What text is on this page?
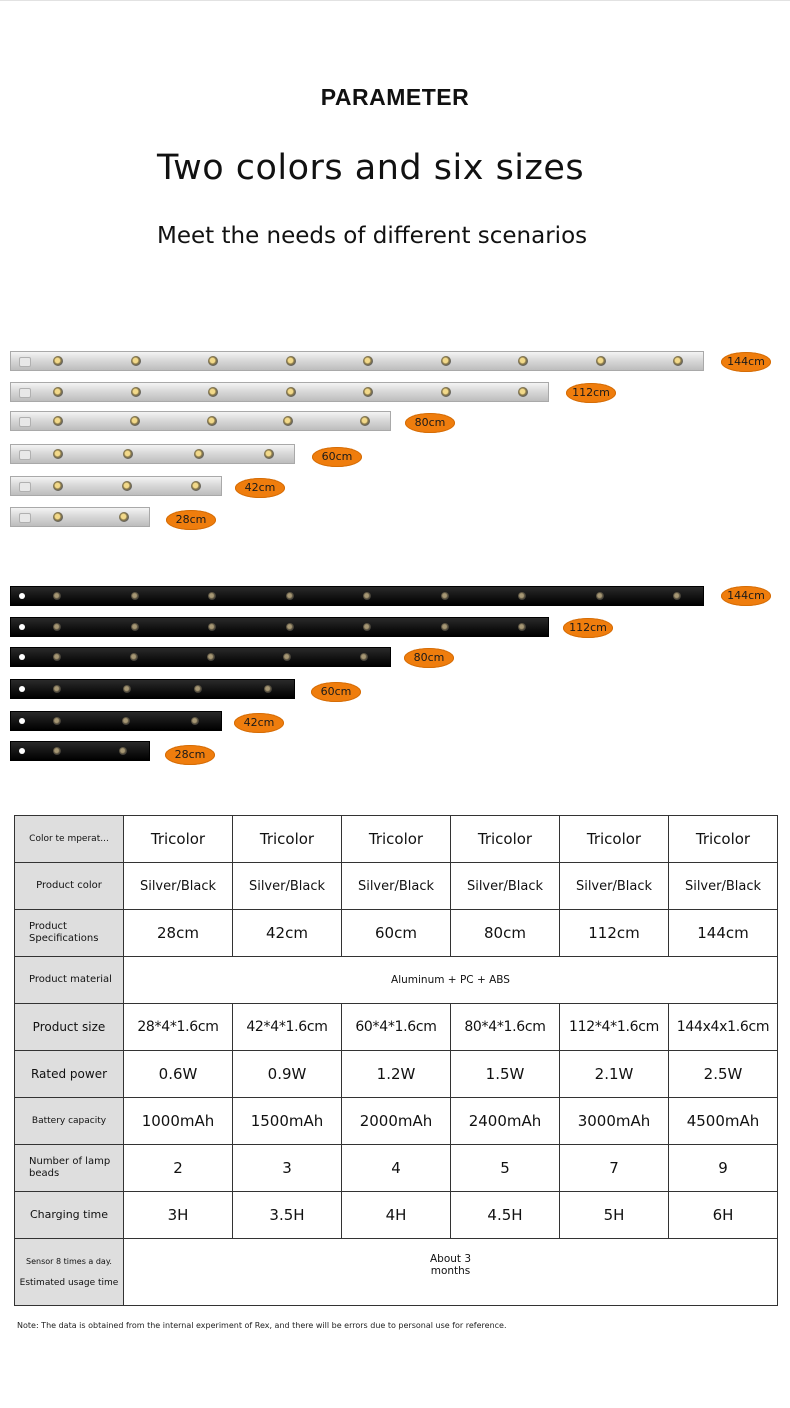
PARAMETER
Two colors and six sizes
Meet the needs of different scenarios
144cm
112cm
80cm
60cm
42cm
28cm
144cm
112cm
80cm
60cm
42cm
28cm
Color te mperat...	Tricolor	Tricolor	Tricolor	Tricolor	Tricolor	Tricolor
Product color	Silver/Black	Silver/Black	Silver/Black	Silver/Black	Silver/Black	Silver/Black
Product Specifications	28cm	42cm	60cm	80cm	112cm	144cm
Product material	Aluminum + PC + ABS					
Product size	28*4*1.6cm	42*4*1.6cm	60*4*1.6cm	80*4*1.6cm	112*4*1.6cm	144x4x1.6cm
Rated power	0.6W	0.9W	1.2W	1.5W	2.1W	2.5W
Battery capacity	1000mAh	1500mAh	2000mAh	2400mAh	3000mAh	4500mAh
Number of lamp beads	2	3	4	5	7	9
Charging time	3H	3.5H	4H	4.5H	5H	6H

Sensor 8 times a day.
Estimated usage time	About 3 months					
Note: The data is obtained from the internal experiment of Rex, and there will be errors due to personal use for reference.
